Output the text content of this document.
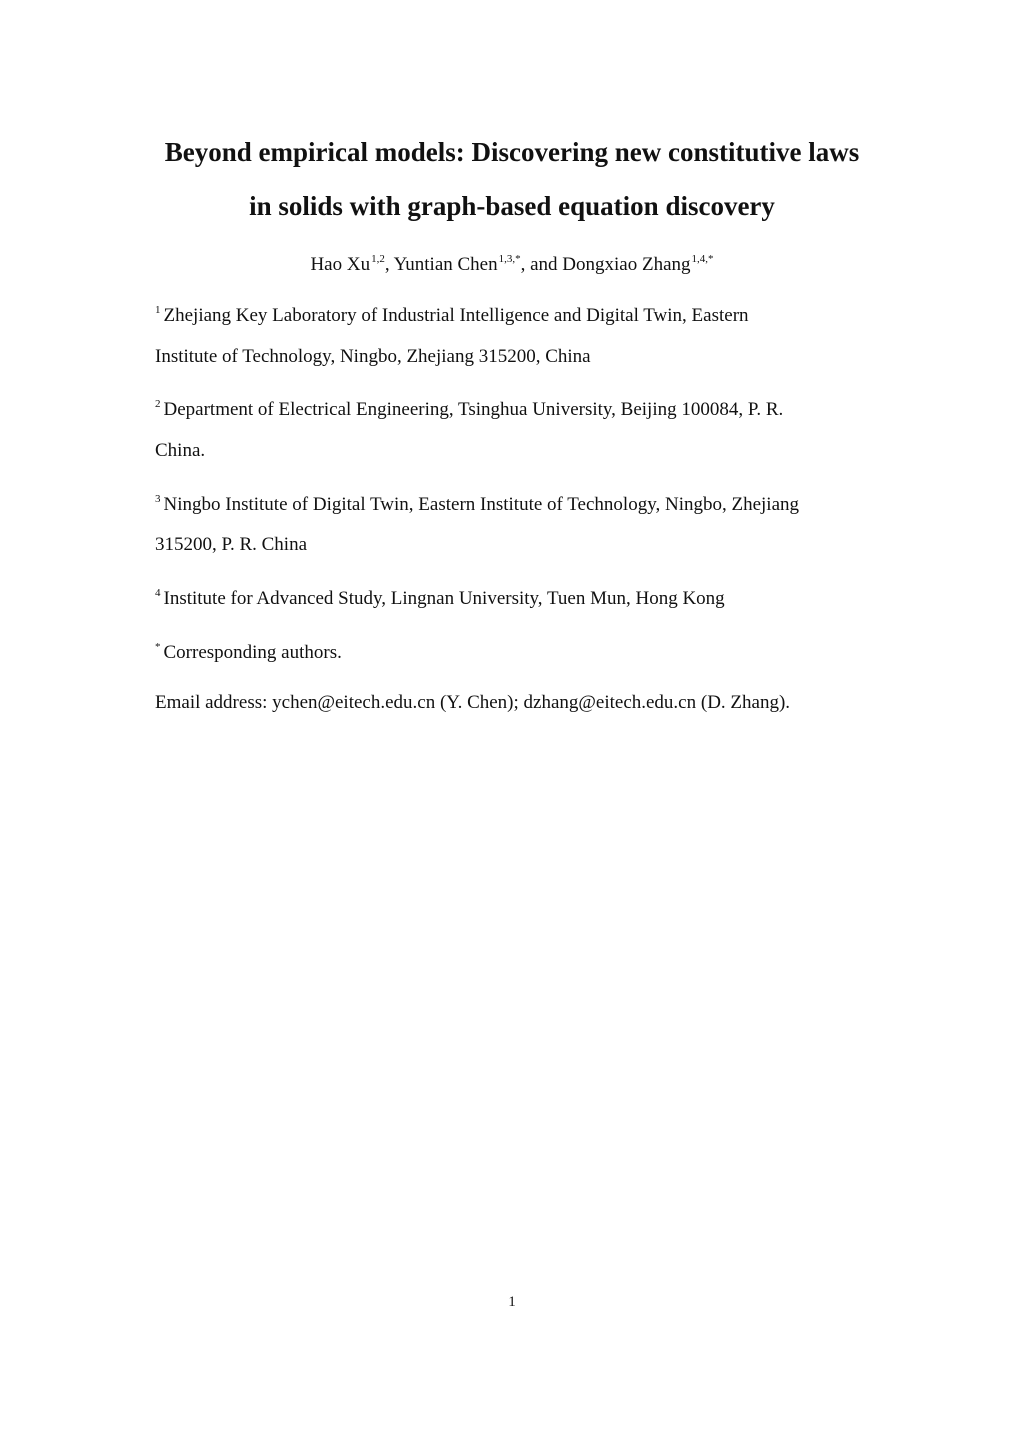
Beyond empirical models: Discovering new constitutive laws
in solids with graph-based equation discovery
Hao Xu$^{1,2}$, Yuntian Chen$^{1,3,*}$, and Dongxiao Zhang$^{1,4,*}$
$^1$ Zhejiang Key Laboratory of Industrial Intelligence and Digital Twin, Eastern
Institute of Technology, Ningbo, Zhejiang 315200, China
$^2$ Department of Electrical Engineering, Tsinghua University, Beijing 100084, P. R.
China.
$^3$ Ningbo Institute of Digital Twin, Eastern Institute of Technology, Ningbo, Zhejiang
315200, P. R. China
$^4$ Institute for Advanced Study, Lingnan University, Tuen Mun, Hong Kong
* Corresponding authors.
Email address: ychen@eitech.edu.cn (Y. Chen); dzhang@eitech.edu.cn (D. Zhang).
1
